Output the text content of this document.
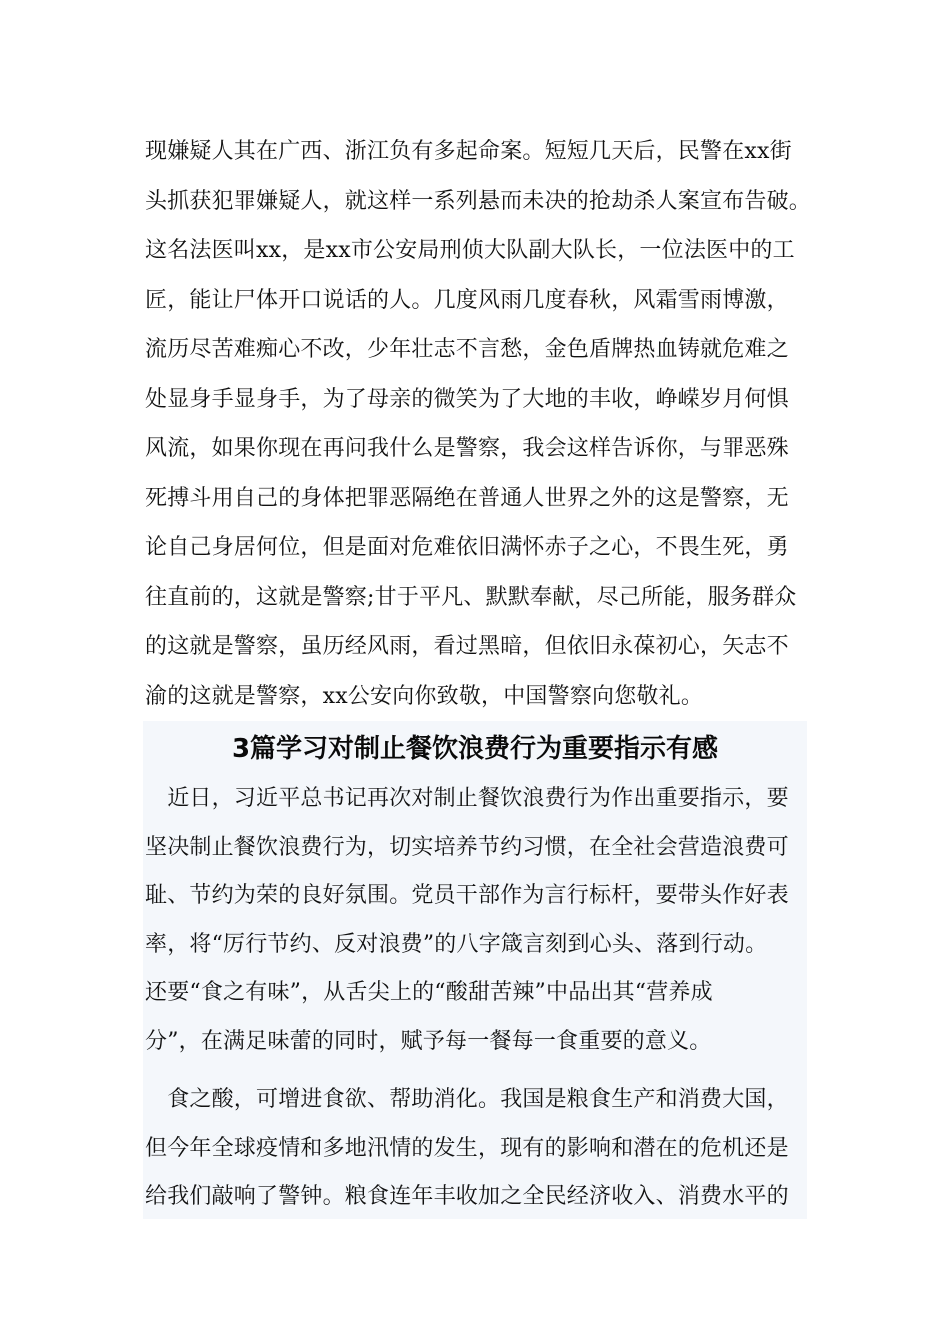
现嫌疑人其在广西、浙江负有多起命案。短短几天后，民警在xx街
头抓获犯罪嫌疑人，就这样一系列悬而未决的抢劫杀人案宣布告破。
这名法医叫xx，是xx市公安局刑侦大队副大队长，一位法医中的工
匠，能让尸体开口说话的人。几度风雨几度春秋，风霜雪雨博激，
流历尽苦难痴心不改，少年壮志不言愁，金色盾牌热血铸就危难之
处显身手显身手，为了母亲的微笑为了大地的丰收，峥嵘岁月何惧
风流，如果你现在再问我什么是警察，我会这样告诉你，与罪恶殊
死搏斗用自己的身体把罪恶隔绝在普通人世界之外的这是警察，无
论自己身居何位，但是面对危难依旧满怀赤子之心，不畏生死，勇
往直前的，这就是警察;甘于平凡、默默奉献，尽己所能，服务群众
的这就是警察，虽历经风雨，看过黑暗，但依旧永葆初心，矢志不
渝的这就是警察，xx公安向你致敬，中国警察向您敬礼。
3篇学习对制止餐饮浪费行为重要指示有感
　近日，习近平总书记再次对制止餐饮浪费行为作出重要指示，要
坚决制止餐饮浪费行为，切实培养节约习惯，在全社会营造浪费可
耻、节约为荣的良好氛围。党员干部作为言行标杆，要带头作好表
率，将“厉行节约、反对浪费”的八字箴言刻到心头、落到行动。
还要“食之有味”，从舌尖上的“酸甜苦辣”中品出其“营养成
分”，在满足味蕾的同时，赋予每一餐每一食重要的意义。
　食之酸，可增进食欲、帮助消化。我国是粮食生产和消费大国，
但今年全球疫情和多地汛情的发生，现有的影响和潜在的危机还是
给我们敲响了警钟。粮食连年丰收加之全民经济收入、消费水平的
